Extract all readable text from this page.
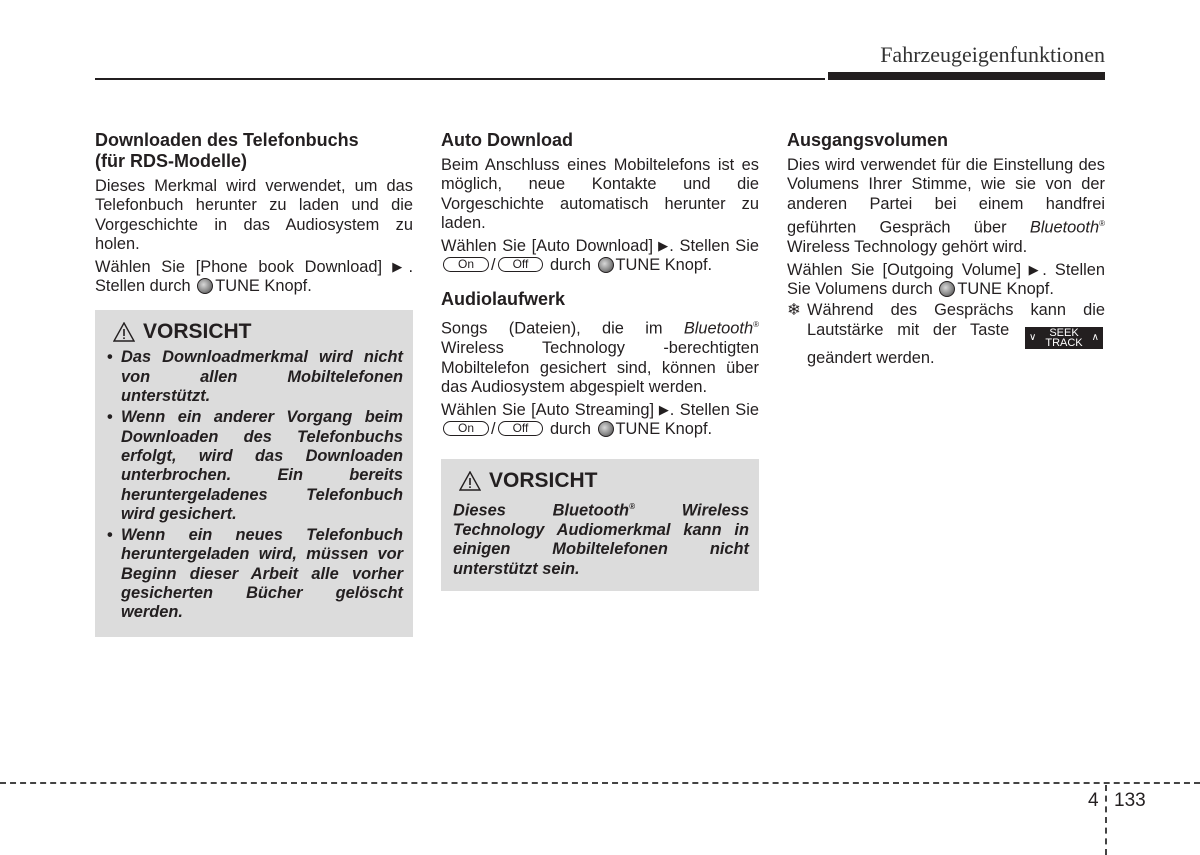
Fahrzeugeigenfunktionen
Downloaden des Telefonbuchs
(für RDS-Modelle)

Dieses Merkmal wird verwendet, um das Telefonbuch herunter zu laden und die Vorgeschichte in das Audiosystem zu holen.

Wählen Sie [Phone book Download] ▶. Stellen durch TUNE Knopf.

VORSICHT
• Das Downloadmerkmal wird nicht von allen Mobiltelefonen unterstützt.
• Wenn ein anderer Vorgang beim Downloaden des Telefonbuchs erfolgt, wird das Downloaden unterbrochen. Ein bereits heruntergeladenes Telefonbuch wird gesichert.
• Wenn ein neues Telefonbuch heruntergeladen wird, müssen vor Beginn dieser Arbeit alle vorher gesicherten Bücher gelöscht werden.
Auto Download

Beim Anschluss eines Mobiltelefons ist es möglich, neue Kontakte und die Vorgeschichte automatisch herunter zu laden.

Wählen Sie [Auto Download] ▶. Stellen Sie On / Off durch TUNE Knopf.

Audiolaufwerk

Songs (Dateien), die im Bluetooth® Wireless Technology -berechtigten Mobiltelefon gesichert sind, können über das Audiosystem abgespielt werden.

Wählen Sie [Auto Streaming] ▶. Stellen Sie On / Off durch TUNE Knopf.

VORSICHT

Dieses Bluetooth®	Wireless Technology Audiomerkmal kann in einigen Mobiltelefonen nicht unterstützt sein.

Ausgangsvolumen

Dies wird verwendet für die Einstellung des Volumens Ihrer Stimme, wie sie von der anderen Partei bei einem handfrei geführten Gespräch über Bluetooth® Wireless Technology gehört wird.

Wählen Sie [Outgoing Volume] ▶. Stellen Sie Volumens durch TUNE Knopf.

❄ Während des Gesprächs kann die Lautstärke mit der Taste ∨	SEEK
TRACK ∧
geändert werden.
4 133
